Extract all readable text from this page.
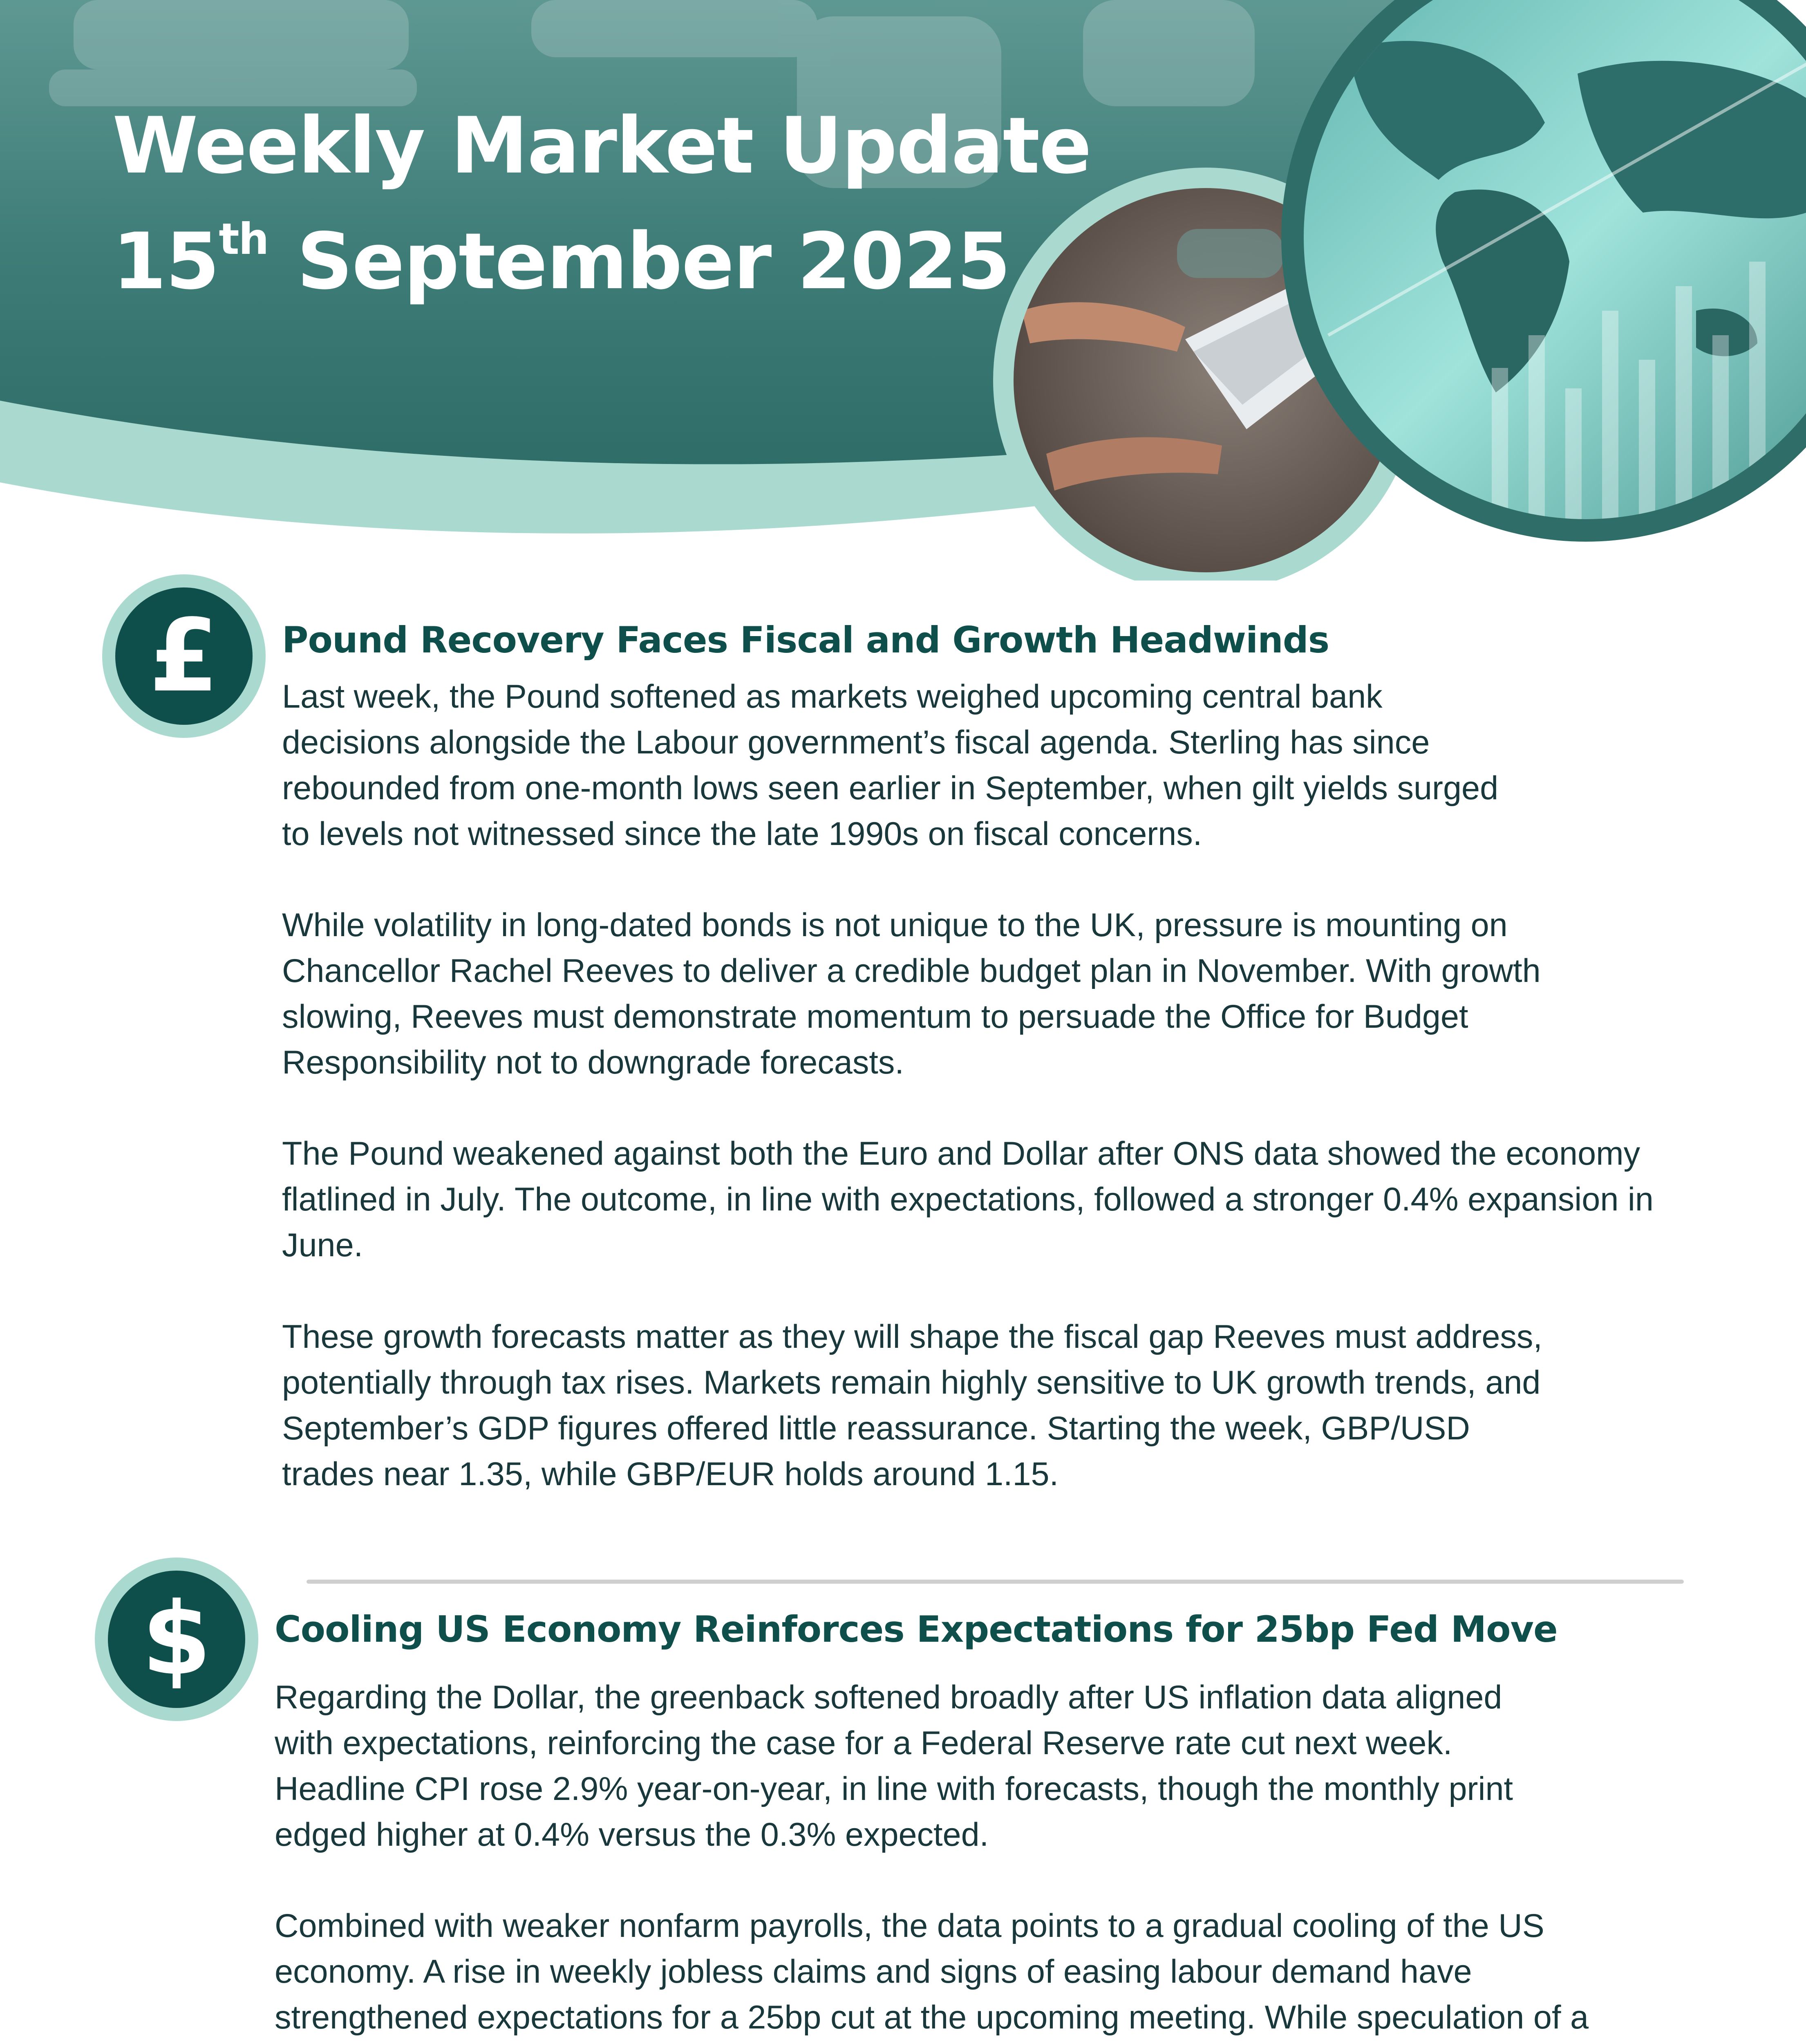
Weekly Market Update
15th September 2025
£	Pound Recovery Faces Fiscal and Growth Headwinds

Last week, the Pound softened as markets weighed upcoming central bank
decisions alongside the Labour government’s fiscal agenda. Sterling has since
rebounded from one-month lows seen earlier in September, when gilt yields surged
to levels not witnessed since the late 1990s on fiscal concerns.

While volatility in long-dated bonds is not unique to the UK, pressure is mounting on
Chancellor Rachel Reeves to deliver a credible budget plan in November. With growth
slowing, Reeves must demonstrate momentum to persuade the Office for Budget
Responsibility not to downgrade forecasts.

The Pound weakened against both the Euro and Dollar after ONS data showed the economy
flatlined in July. The outcome, in line with expectations, followed a stronger 0.4% expansion in
June.

These growth forecasts matter as they will shape the fiscal gap Reeves must address,
potentially through tax rises. Markets remain highly sensitive to UK growth trends, and
September’s GDP figures offered little reassurance. Starting the week, GBP/USD
trades near 1.35, while GBP/EUR holds around 1.15.

$	Cooling US Economy Reinforces Expectations for 25bp Fed Move

Regarding the Dollar, the greenback softened broadly after US inflation data aligned
with expectations, reinforcing the case for a Federal Reserve rate cut next week.
Headline CPI rose 2.9% year-on-year, in line with forecasts, though the monthly print
edged higher at 0.4% versus the 0.3% expected.

Combined with weaker nonfarm payrolls, the data points to a gradual cooling of the US
economy. A rise in weekly jobless claims and signs of easing labour demand have
strengthened expectations for a 25bp cut at the upcoming meeting. While speculation of a
